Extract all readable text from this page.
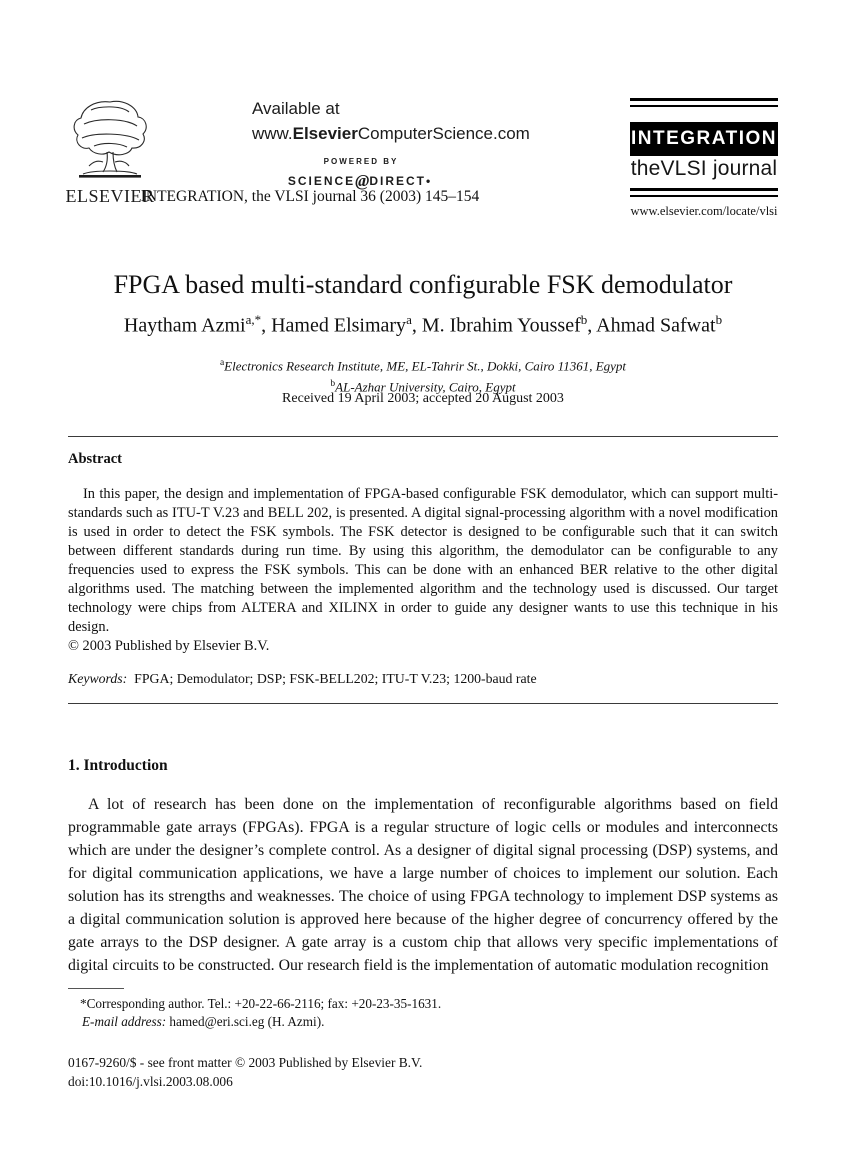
ELSEVIER
Available at
www.ElsevierComputerScience.com
POWERED BY SCIENCE@DIRECT•
INTEGRATION, the VLSI journal 36 (2003) 145–154
INTEGRATION
theVLSI journal
www.elsevier.com/locate/vlsi
FPGA based multi-standard configurable FSK demodulator
Haytham Azmi$^{a,*}$, Hamed Elsimary$^a$, M. Ibrahim Youssef$^b$, Ahmad Safwat$^b$
$^a$Electronics Research Institute, ME, EL-Tahrir St., Dokki, Cairo 11361, Egypt
$^b$AL-Azhar University, Cairo, Egypt
Received 19 April 2003; accepted 20 August 2003
Abstract

In this paper, the design and implementation of FPGA-based configurable FSK demodulator, which can support multi-standards such as ITU-T V.23 and BELL 202, is presented. A digital signal-processing algorithm with a novel modification is used in order to detect the FSK symbols. The FSK detector is designed to be configurable such that it can switch between different standards during run time. By using this algorithm, the demodulator can be configurable to any frequencies used to express the FSK symbols. This can be done with an enhanced BER relative to the other digital algorithms used. The matching between the implemented algorithm and the technology used is discussed. Our target technology were chips from ALTERA and XILINX in order to guide any designer wants to use this technique in his design.

© 2003 Published by Elsevier B.V.
Keywords:  FPGA; Demodulator; DSP; FSK-BELL202; ITU-T V.23; 1200-baud rate
1. Introduction

A lot of research has been done on the implementation of reconfigurable algorithms based on field programmable gate arrays (FPGAs). FPGA is a regular structure of logic cells or modules and interconnects which are under the designer’s complete control. As a designer of digital signal processing (DSP) systems, and for digital communication applications, we have a large number of choices to implement our solution. Each solution has its strengths and weaknesses. The choice of using FPGA technology to implement DSP systems as a digital communication solution is approved here because of the higher degree of concurrency offered by the gate arrays to the DSP designer. A gate array is a custom chip that allows very specific implementations of digital circuits to be constructed. Our research field is the implementation of automatic modulation recognition

*Corresponding author. Tel.: +20-22-66-2116; fax: +20-23-35-1631.
E-mail address: hamed@eri.sci.eg (H. Azmi).
0167-9260/$ - see front matter © 2003 Published by Elsevier B.V.
doi:10.1016/j.vlsi.2003.08.006
